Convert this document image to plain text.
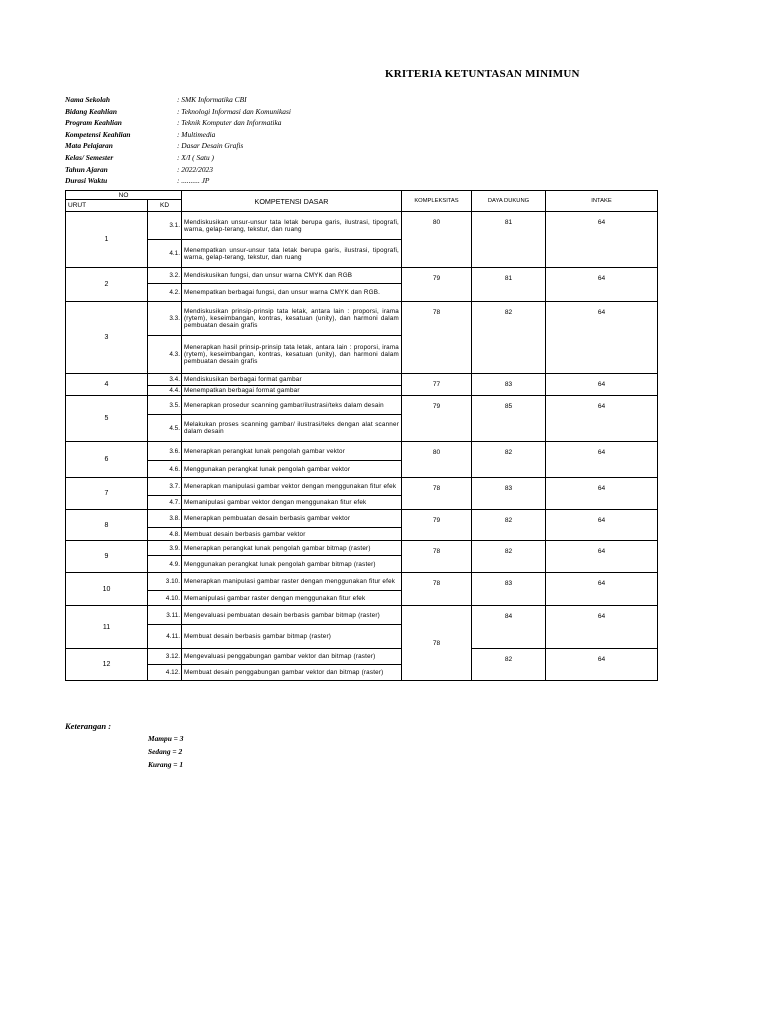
KRITERIA KETUNTASAN MINIMUN
Nama Sekolah	: SMK Informatika CBI
Bidang Keahlian	: Teknologi Informasi dan Komunikasi
Program Keahlian	: Teknik Komputer dan Informatika
Kompetensi Keahlian	: Multimedia
Mata Pelajaran	: Dasar Desain Grafis
Kelas/ Semester	: X/I ( Satu )
Tahun Ajaran	: 2022/2023
Durasi Waktu	: .......... JP
NO		KOMPETENSI DASAR	KOMPLEKSITAS	DAYA DUKUNG	INTAKE
URUT	KD				
1	3.1.	Mendiskusikan unsur-unsur tata letak berupa garis, ilustrasi, tipografi, warna, gelap-terang, tekstur, dan ruang	80	81	64
	4.1.	Menempatkan unsur-unsur tata letak berupa garis, ilustrasi, tipografi, warna, gelap-terang, tekstur, dan ruang			
2	3.2.	Mendiskusikan fungsi, dan unsur warna CMYK dan RGB	79	81	64
	4.2.	Menempatkan berbagai fungsi, dan unsur warna CMYK dan RGB.			
3	3.3.	Mendiskusikan prinsip-prinsip tata letak, antara lain : proporsi, irama (rytem), keseimbangan, kontras, kesatuan (unity), dan harmoni dalam pembuatan desain grafis	78	82	64
	4.3.	Menerapkan hasil prinsip-prinsip tata letak, antara lain : proporsi, irama (rytem), keseimbangan, kontras, kesatuan (unity), dan harmoni dalam pembuatan desain grafis			
4	3.4.	Mendiskusikan berbagai format gambar	77	83	64
	4.4.	Menempatkan berbagai format gambar			
5	3.5.	Menerapkan prosedur scanning gambar/ilustrasi/teks dalam desain	79	85	64
	4.5.	Melakukan proses scanning gambar/ ilustrasi/teks dengan alat scanner dalam desain			
6	3.6.	Menerapkan perangkat lunak pengolah gambar vektor	80	82	64
	4.6.	Menggunakan perangkat lunak pengolah gambar vektor			
7	3.7.	Menerapkan manipulasi gambar vektor dengan menggunakan fitur efek	78	83	64
	4.7.	Memanipulasi gambar vektor dengan menggunakan fitur efek			
8	3.8.	Menerapkan pembuatan desain berbasis gambar vektor	79	82	64
	4.8.	Membuat desain berbasis gambar vektor			
9	3.9.	Menerapkan perangkat lunak pengolah gambar bitmap (raster)	78	82	64
	4.9.	Menggunakan perangkat lunak pengolah gambar bitmap (raster)			
10	3.10.	Menerapkan manipulasi gambar raster dengan menggunakan fitur efek	78	83	64
	4.10.	Memanipulasi gambar raster dengan menggunakan fitur efek			
11	3.11.	Mengevaluasi pembuatan desain berbasis gambar bitmap (raster)	78	84	64
	4.11.	Membuat desain berbasis gambar bitmap (raster)			
12	3.12.	Mengevaluasi penggabungan gambar vektor dan bitmap (raster)		82	64
	4.12.	Membuat desain penggabungan gambar vektor dan bitmap (raster)			
Keterangan :
Mampu = 3
Sedang = 2
Kurang = 1
